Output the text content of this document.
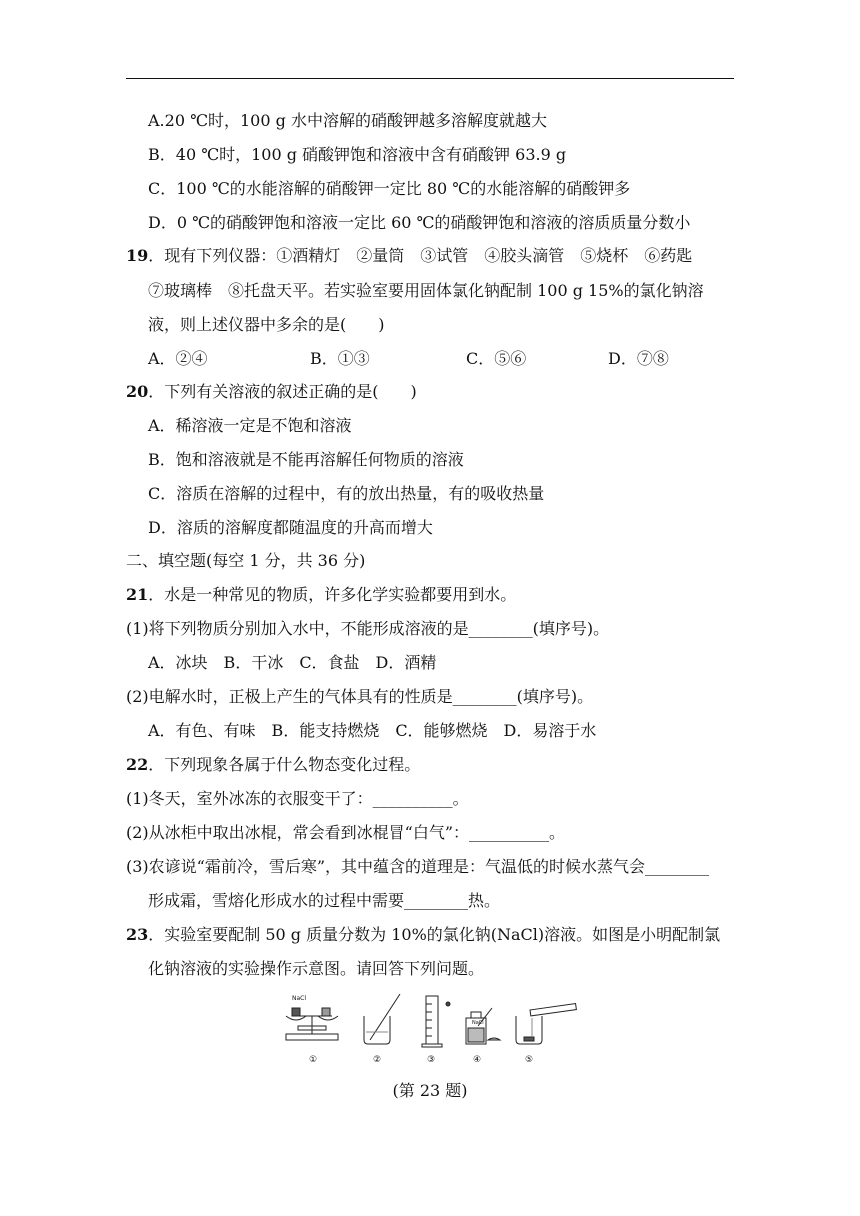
A.20 ℃时，100 g 水中溶解的硝酸钾越多溶解度就越大
B．40 ℃时，100 g 硝酸钾饱和溶液中含有硝酸钾 63.9 g
C．100 ℃的水能溶解的硝酸钾一定比 80 ℃的水能溶解的硝酸钾多
D．0 ℃的硝酸钾饱和溶液一定比 60 ℃的硝酸钾饱和溶液的溶质质量分数小
19．现有下列仪器：①酒精灯　②量筒　③试管　④胶头滴管　⑤烧杯　⑥药匙
⑦玻璃棒　⑧托盘天平。若实验室要用固体氯化钠配制 100 g 15%的氯化钠溶
液，则上述仪器中多余的是(　　)
A．②④	B．①③	C．⑤⑥	D．⑦⑧
20．下列有关溶液的叙述正确的是(　　)
A．稀溶液一定是不饱和溶液
B．饱和溶液就是不能再溶解任何物质的溶液
C．溶质在溶解的过程中，有的放出热量，有的吸收热量
D．溶质的溶解度都随温度的升高而增大
二、填空题(每空 1 分，共 36 分)
21．水是一种常见的物质，许多化学实验都要用到水。
(1)将下列物质分别加入水中，不能形成溶液的是________(填序号)。
A．冰块　B．干冰　C．食盐　D．酒精
(2)电解水时，正极上产生的气体具有的性质是________(填序号)。
A．有色、有味　B．能支持燃烧　C．能够燃烧　D．易溶于水
22．下列现象各属于什么物态变化过程。
(1)冬天，室外冰冻的衣服变干了：__________。
(2)从冰柜中取出冰棍，常会看到冰棍冒“白气”：__________。
(3)农谚说“霜前冷，雪后寒”，其中蕴含的道理是：气温低的时候水蒸气会________
形成霜，雪熔化形成水的过程中需要________热。
23．实验室要配制 50 g 质量分数为 10%的氯化钠(NaCl)溶液。如图是小明配制氯
化钠溶液的实验操作示意图。请回答下列问题。
NaCl
NaCl
①	②	③	④	⑤
(第 23 题)
